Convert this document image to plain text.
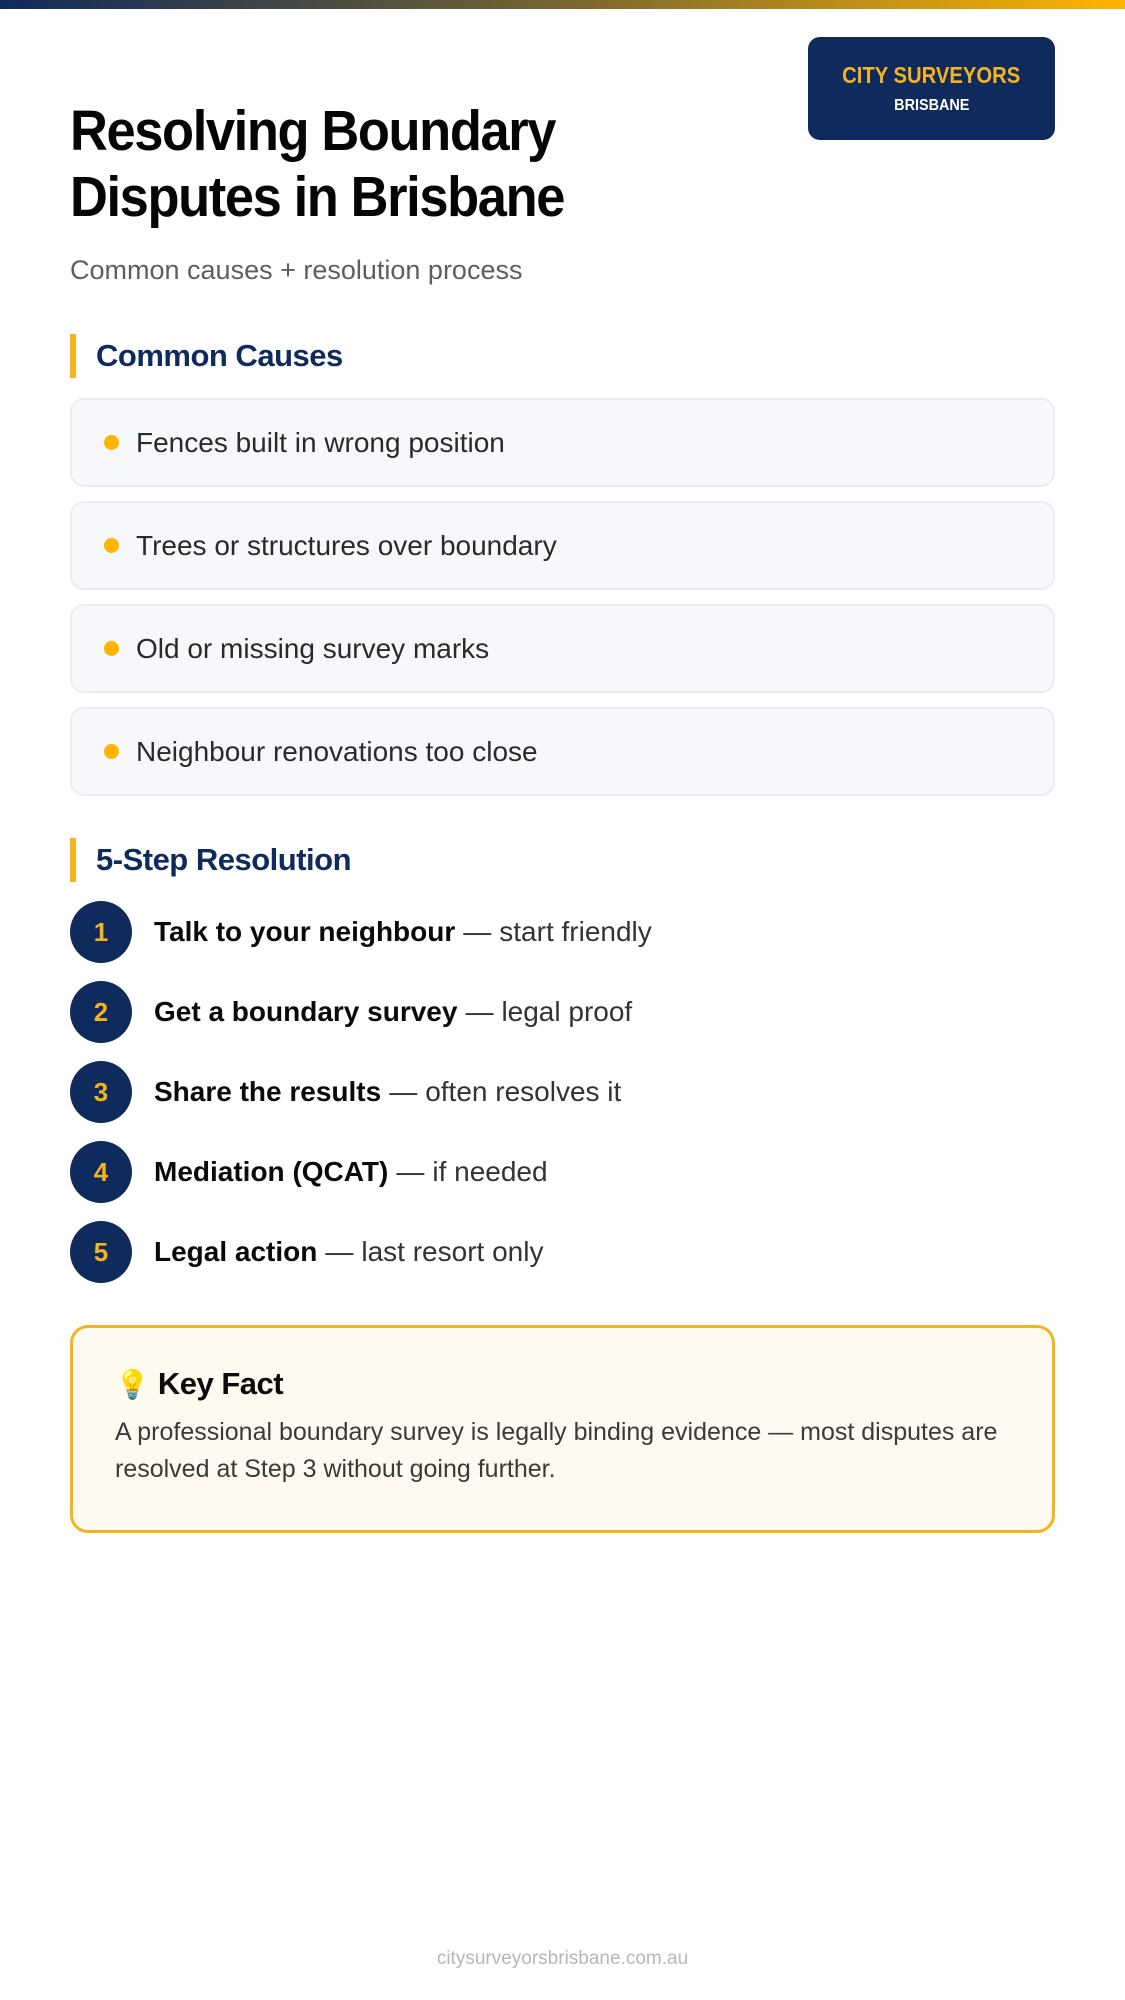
CITY SURVEYORS
BRISBANE
Resolving Boundary
Disputes in Brisbane

Common causes + resolution process

Common Causes
Fences built in wrong position
Trees or structures over boundary
Old or missing survey marks
Neighbour renovations too close
5-Step Resolution
1	Talk to your neighbour — start friendly
2	Get a boundary survey — legal proof
3	Share the results — often resolves it
4	Mediation (QCAT) — if needed
5	Legal action — last resort only
💡 Key Fact

A professional boundary survey is legally binding evidence — most disputes are resolved at Step 3 without going further.

citysurveyorsbrisbane.com.au
